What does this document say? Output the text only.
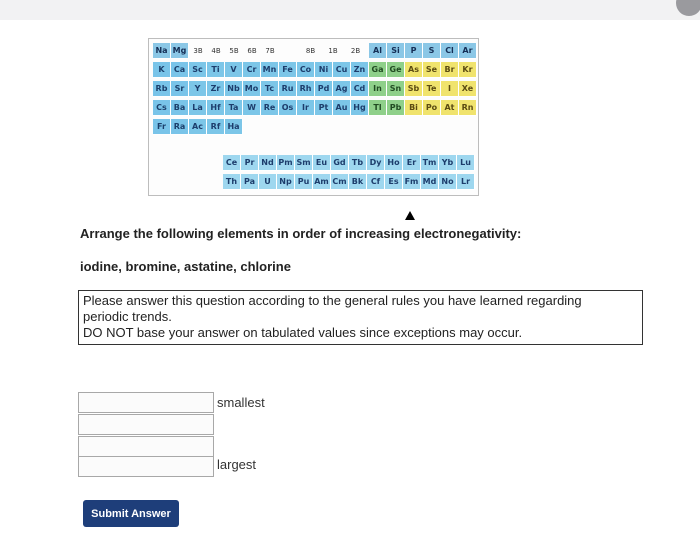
3B	4B	5B	6B	7B	8B	1B	2B
Na Mg	Al	Si	P	S	Cl	Ar
K	Ca Sc	Ti	V	Cr Mn Fe Co Ni Cu Zn Ga Ge As Se Br Kr
Rb Sr	Y	Zr Nb Mo Tc Ru Rh Pd Ag Cd In Sn Sb Te	I	Xe
Cs Ba La Hf Ta	W Re Os	Ir	Pt Au Hg Tl	Pb Bi Po At Rn
Fr Ra Ac Rf Ha
Ce Pr Nd Pm Sm Eu Gd Tb Dy Ho Er Tm Yb Lu
Th Pa	U	Np Pu Am Cm Bk Cf	Es Fm Md No Lr
Arrange the following elements in order of increasing electronegativity:
iodine, bromine, astatine, chlorine
Please answer this question according to the general rules you have learned regarding
periodic trends.
DO NOT base your answer on tabulated values since exceptions may occur.
smallest
largest
Submit Answer
